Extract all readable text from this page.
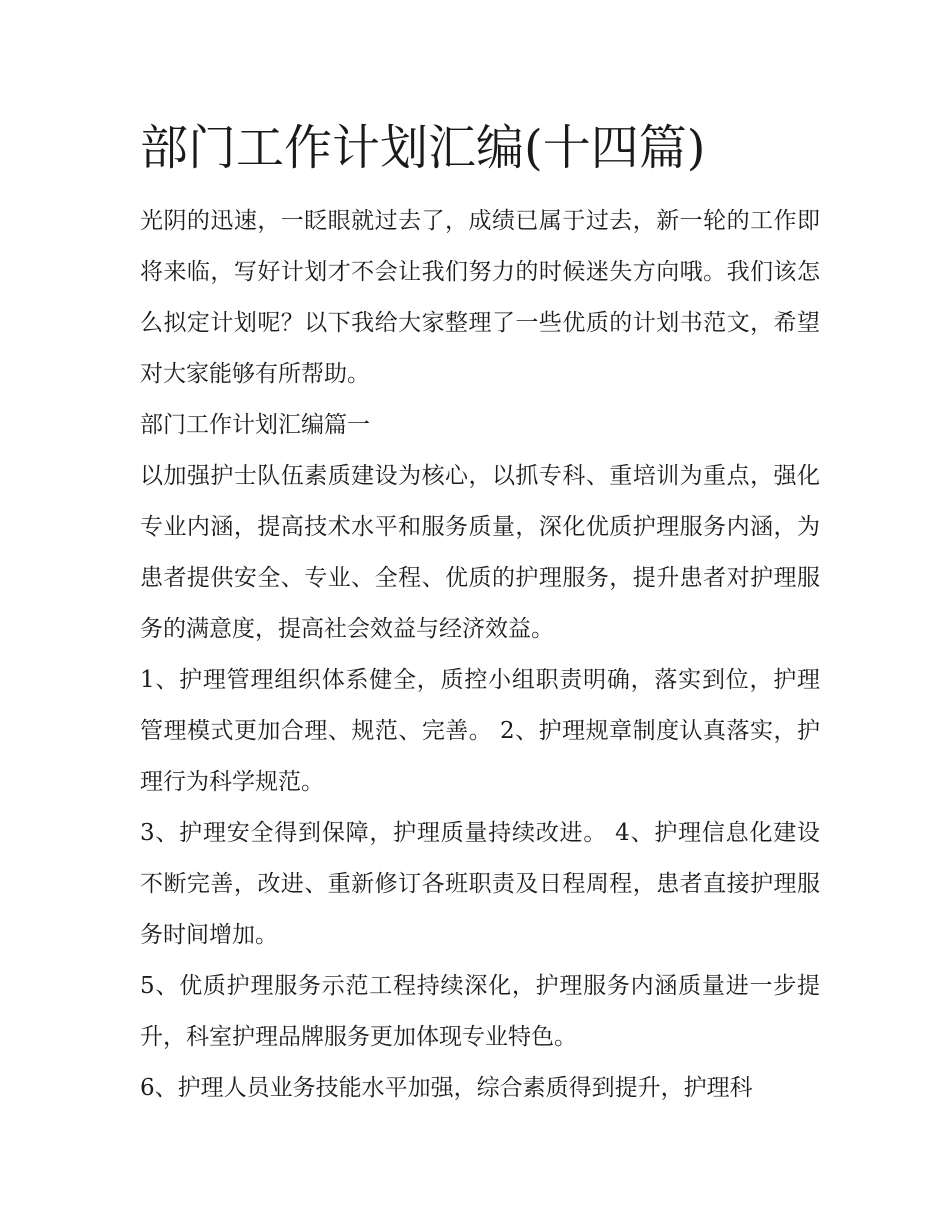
部门工作计划汇编(十四篇)

光阴的迅速，一眨眼就过去了，成绩已属于过去，新一轮的工作即将来临，写好计划才不会让我们努力的时候迷失方向哦。我们该怎么拟定计划呢？以下我给大家整理了一些优质的计划书范文，希望对大家能够有所帮助。

部门工作计划汇编篇一

以加强护士队伍素质建设为核心，以抓专科、重培训为重点，强化专业内涵，提高技术水平和服务质量，深化优质护理服务内涵，为患者提供安全、专业、全程、优质的护理服务，提升患者对护理服务的满意度，提高社会效益与经济效益。

1、护理管理组织体系健全，质控小组职责明确，落实到位，护理管理模式更加合理、规范、完善。 2、护理规章制度认真落实，护理行为科学规范。

3、护理安全得到保障，护理质量持续改进。 4、护理信息化建设不断完善，改进、重新修订各班职责及日程周程，患者直接护理服务时间增加。

5、优质护理服务示范工程持续深化，护理服务内涵质量进一步提升，科室护理品牌服务更加体现专业特色。

6、护理人员业务技能水平加强，综合素质得到提升，护理科
